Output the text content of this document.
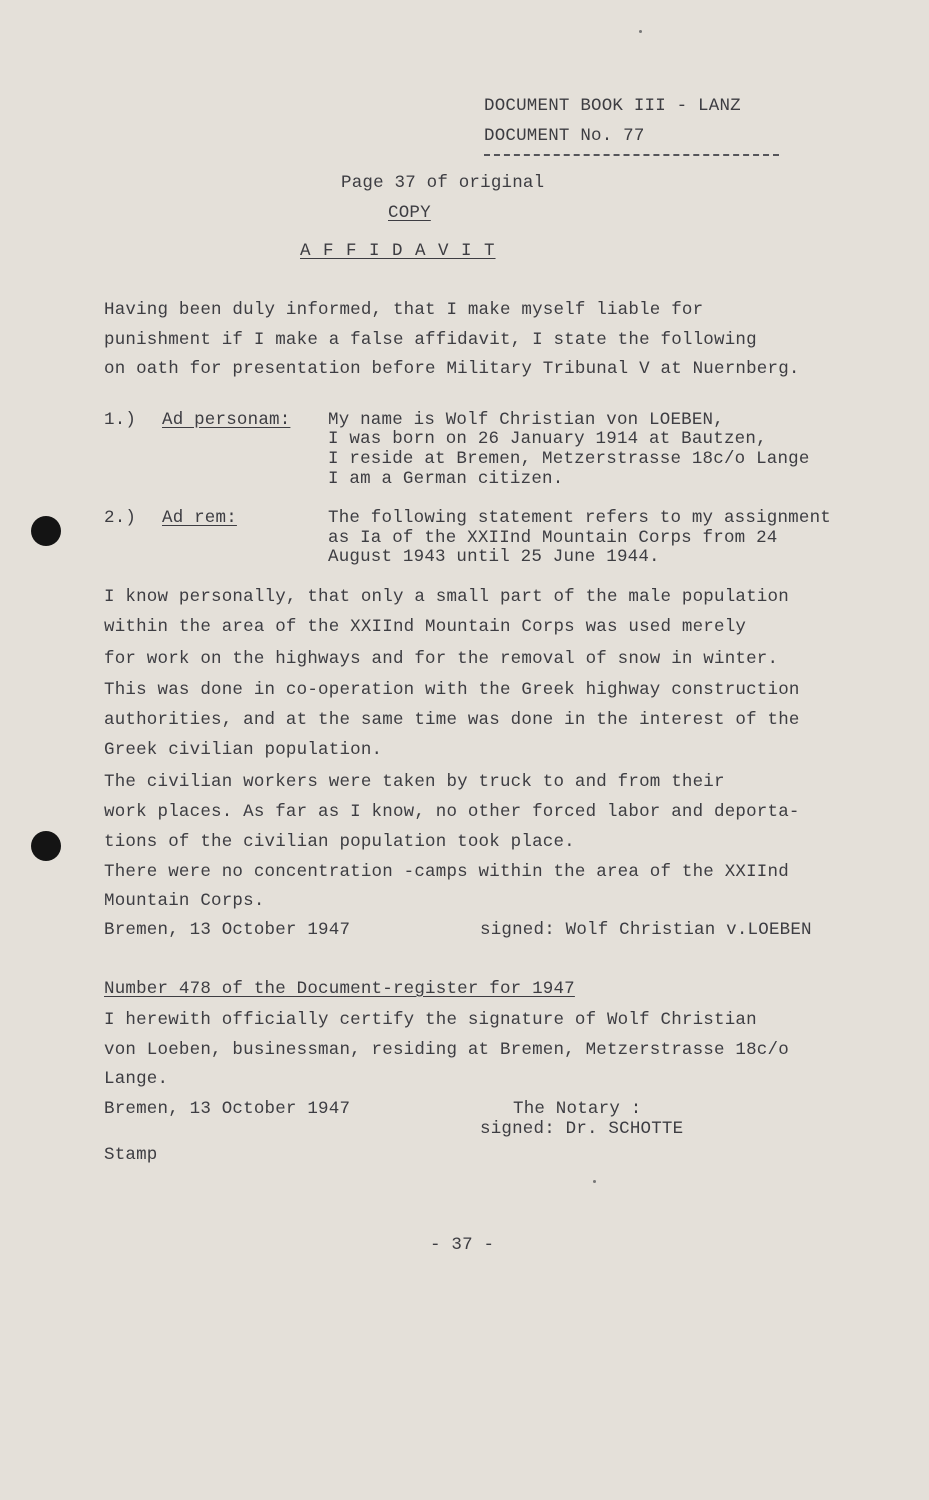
DOCUMENT BOOK III - LANZ
DOCUMENT No. 77
Page 37 of original
COPY
A F F I D A V I T
Having been duly informed, that I make myself liable for
punishment if I make a false affidavit, I state the following
on oath for presentation before Military Tribunal V at Nuernberg.
1.) Ad personam: My name is Wolf Christian von LOEBEN,
I was born on 26 January 1914 at Bautzen,
I reside at Bremen, Metzerstrasse 18c/o Lange
I am a German citizen.
2.) Ad rem:	The following statement refers to my assignment
as Ia of the XXIInd Mountain Corps from 24
August 1943 until 25 June 1944.
I know personally, that only a small part of the male population
within the area of the XXIInd Mountain Corps was used merely
for work on the highways and for the removal of snow in winter.
This was done in co-operation with the Greek highway construction
authorities, and at the same time was done in the interest of the
Greek civilian population.
The civilian workers were taken by truck to and from their
work places. As far as I know, no other forced labor and deporta-
tions of the civilian population took place.
There were no concentration -camps within the area of the XXIInd
Mountain Corps.
Bremen, 13 October 1947	signed: Wolf Christian v.LOEBEN
Number 478 of the Document-register for 1947
I herewith officially certify the signature of Wolf Christian
von Loeben, businessman, residing at Bremen, Metzerstrasse 18c/o
Lange.
Bremen, 13 October 1947	The Notary :
signed: Dr. SCHOTTE
Stamp
- 37 -
